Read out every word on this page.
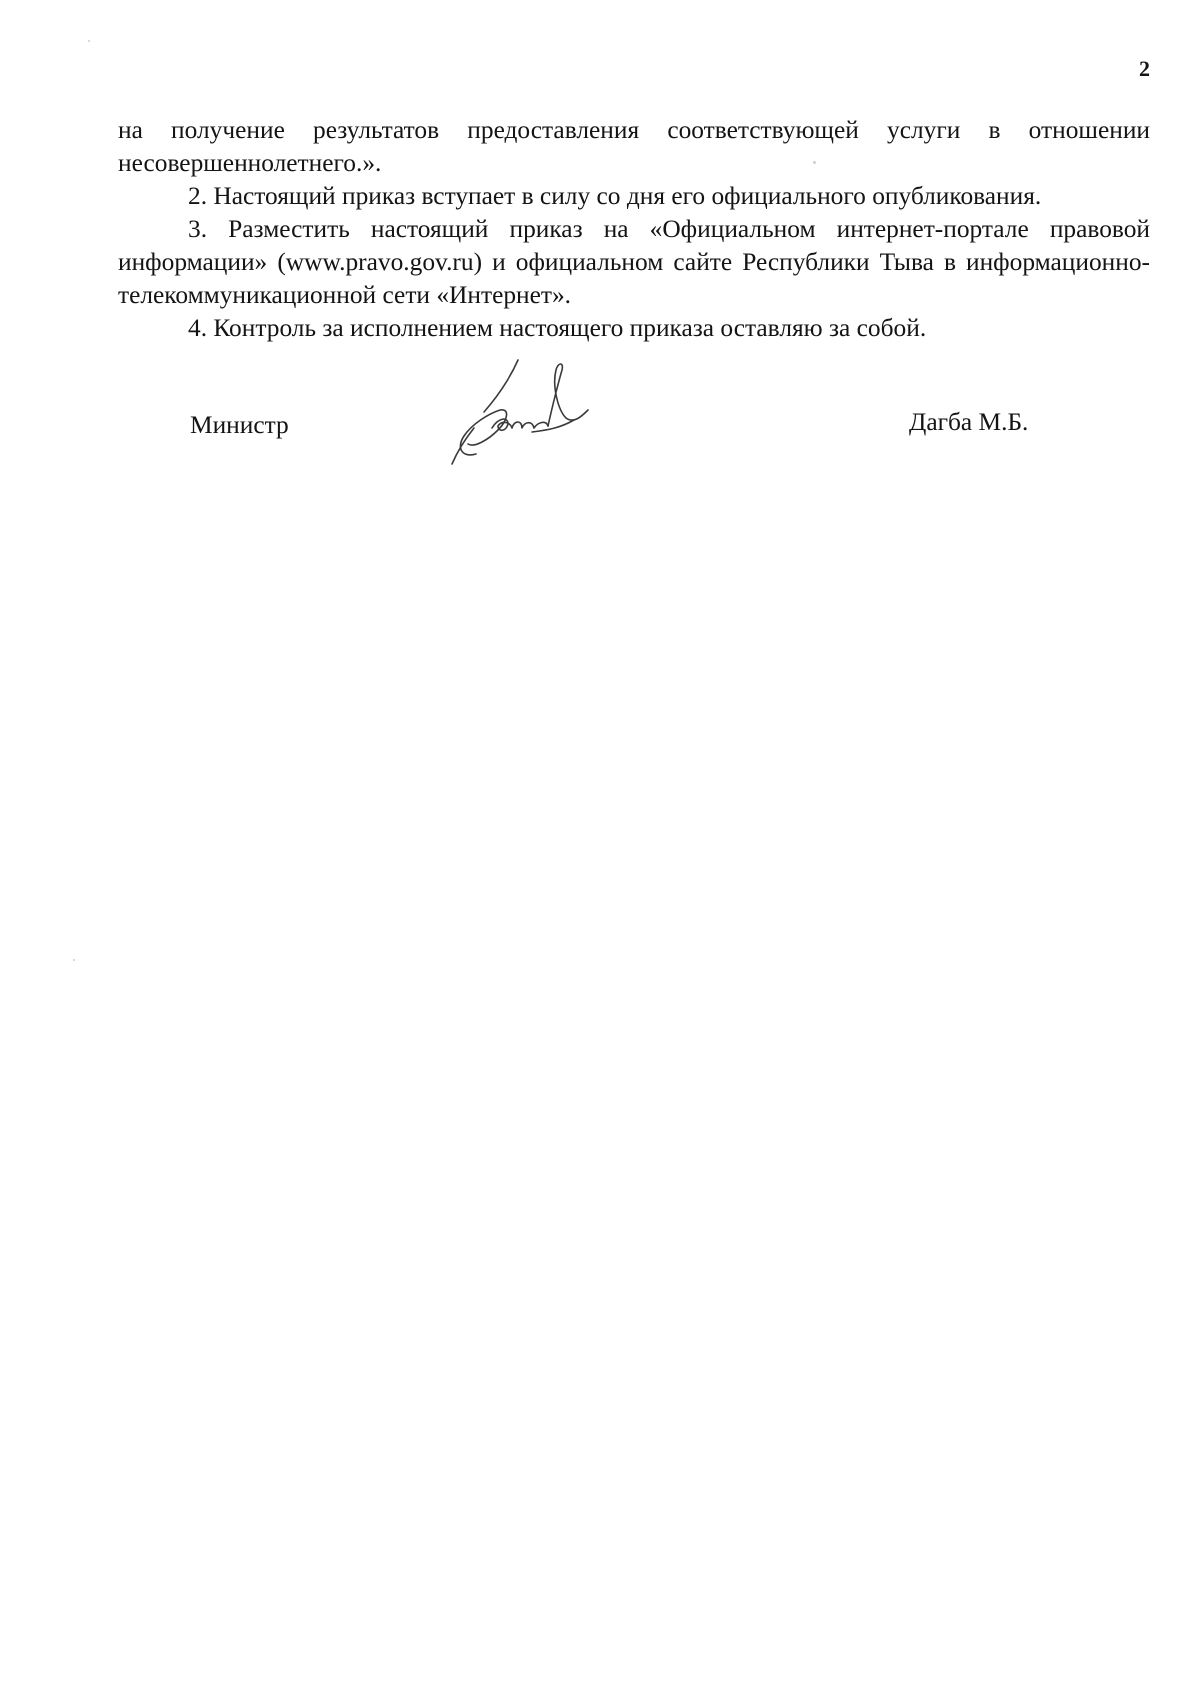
2

на получение результатов предоставления соответствующей услуги в отношении несовершеннолетнего.».

2. Настоящий приказ вступает в силу со дня его официального опубликования.

3. Разместить настоящий приказ на «Официальном интернет-портале правовой информации» (www.pravo.gov.ru) и официальном сайте Республики Тыва в информационно-телекоммуникационной сети «Интернет».

4. Контроль за исполнением настоящего приказа оставляю за собой.

Министр	Дагба М.Б.
